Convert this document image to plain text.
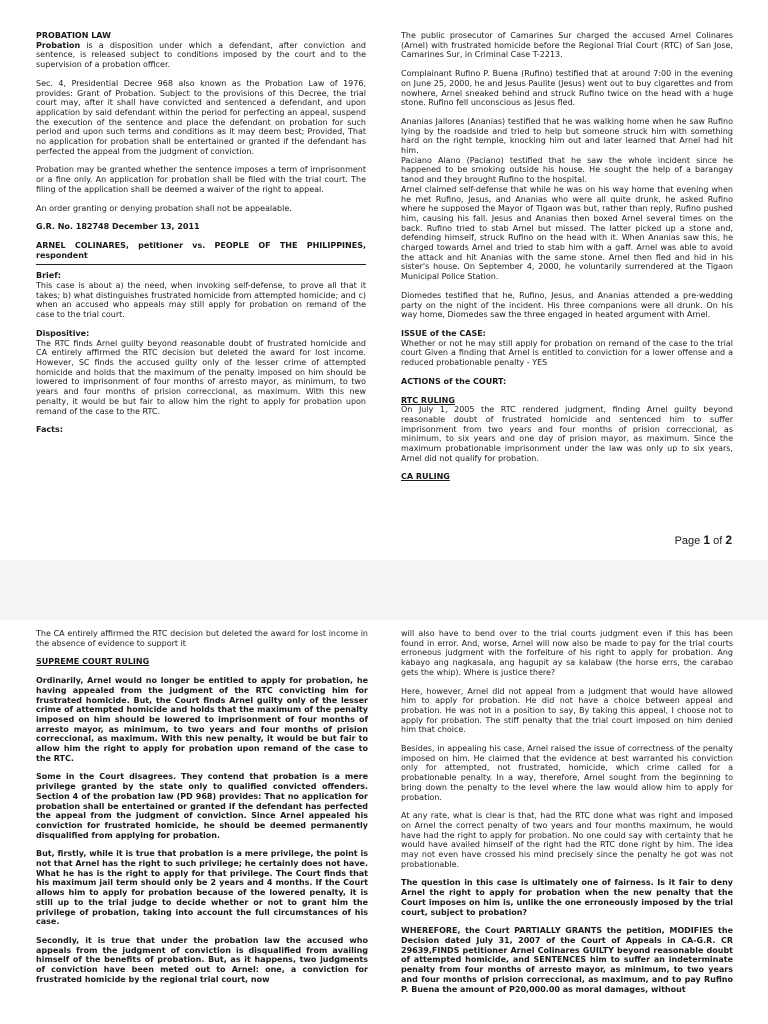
PROBATION LAW

Probation is a disposition under which a defendant, after conviction and sentence, is released subject to conditions imposed by the court and to the supervision of a probation officer.

Sec. 4, Presidential Decree 968 also known as the Probation Law of 1976, provides: Grant of Probation. Subject to the provisions of this Decree, the trial court may, after it shall have convicted and sentenced a defendant, and upon application by said defendant within the period for perfecting an appeal, suspend the execution of the sentence and place the defendant on probation for such period and upon such terms and conditions as it may deem best; Provided, That no application for probation shall be entertained or granted if the defendant has perfected the appeal from the judgment of conviction.

Probation may be granted whether the sentence imposes a term of imprisonment or a fine only. An application for probation shall be filed with the trial court. The filing of the application shall be deemed a waiver of the right to appeal.

An order granting or denying probation shall not be appealable.

G.R. No. 182748 December 13, 2011

ARNEL COLINARES, petitioner vs. PEOPLE OF THE PHILIPPINES, respondent

Brief:

This case is about a) the need, when invoking self-defense, to prove all that it takes; b) what distinguishes frustrated homicide from attempted homicide; and c) when an accused who appeals may still apply for probation on remand of the case to the trial court.

Dispositive:

The RTC finds Arnel guilty beyond reasonable doubt of frustrated homicide and CA entirely affirmed the RTC decision but deleted the award for lost income. However, SC finds the accused guilty only of the lesser crime of attempted homicide and holds that the maximum of the penalty imposed on him should be lowered to imprisonment of four months of arresto mayor, as minimum, to two years and four months of prision correccional, as maximum. With this new penalty, it would be but fair to allow him the right to apply for probation upon remand of the case to the RTC.

Facts:

The public prosecutor of Camarines Sur charged the accused Arnel Colinares (Arnel) with frustrated homicide before the Regional Trial Court (RTC) of San Jose, Camarines Sur, in Criminal Case T-2213.

Complainant Rufino P. Buena (Rufino) testified that at around 7:00 in the evening on June 25, 2000, he and Jesus Paulite (Jesus) went out to buy cigarettes and from nowhere, Arnel sneaked behind and struck Rufino twice on the head with a huge stone. Rufino fell unconscious as Jesus fled.

Ananias Jallores (Ananias) testified that he was walking home when he saw Rufino lying by the roadside and tried to help but someone struck him with something hard on the right temple, knocking him out and later learned that Arnel had hit him.

Paciano Alano (Paciano) testified that he saw the whole incident since he happened to be smoking outside his house. He sought the help of a barangay tanod and they brought Rufino to the hospital.

Arnel claimed self-defense that while he was on his way home that evening when he met Rufino, Jesus, and Ananias who were all quite drunk, he asked Rufino where he supposed the Mayor of Tigaon was but, rather than reply, Rufino pushed him, causing his fall. Jesus and Ananias then boxed Arnel several times on the back. Rufino tried to stab Arnel but missed. The latter picked up a stone and, defending himself, struck Rufino on the head with it. When Ananias saw this, he charged towards Arnel and tried to stab him with a gaff. Arnel was able to avoid the attack and hit Ananias with the same stone. Arnel then fled and hid in his sister's house. On September 4, 2000, he voluntarily surrendered at the Tigaon Municipal Police Station.

Diomedes testified that he, Rufino, Jesus, and Ananias attended a pre-wedding party on the night of the incident. His three companions were all drunk. On his way home, Diomedes saw the three engaged in heated argument with Arnel.

ISSUE of the CASE:

Whether or not he may still apply for probation on remand of the case to the trial court Given a finding that Arnel is entitled to conviction for a lower offense and a reduced probationable penalty - YES

ACTIONS of the COURT:

RTC RULING

On July 1, 2005 the RTC rendered judgment, finding Arnel guilty beyond reasonable doubt of frustrated homicide and sentenced him to suffer imprisonment from two years and four months of prision correccional, as minimum, to six years and one day of prision mayor, as maximum. Since the maximum probationable imprisonment under the law was only up to six years, Arnel did not qualify for probation.

CA RULING

Page 1 of 2

The CA entirely affirmed the RTC decision but deleted the award for lost income in the absence of evidence to support it

SUPREME COURT RULING

Ordinarily, Arnel would no longer be entitled to apply for probation, he having appealed from the judgment of the RTC convicting him for frustrated homicide. But, the Court finds Arnel guilty only of the lesser crime of attempted homicide and holds that the maximum of the penalty imposed on him should be lowered to imprisonment of four months of arresto mayor, as minimum, to two years and four months of prision correccional, as maximum. With this new penalty, it would be but fair to allow him the right to apply for probation upon remand of the case to the RTC.

Some in the Court disagrees. They contend that probation is a mere privilege granted by the state only to qualified convicted offenders. Section 4 of the probation law (PD 968) provides: That no application for probation shall be entertained or granted if the defendant has perfected the appeal from the judgment of conviction. Since Arnel appealed his conviction for frustrated homicide, he should be deemed permanently disqualified from applying for probation.

But, firstly, while it is true that probation is a mere privilege, the point is not that Arnel has the right to such privilege; he certainly does not have. What he has is the right to apply for that privilege. The Court finds that his maximum jail term should only be 2 years and 4 months. If the Court allows him to apply for probation because of the lowered penalty, it is still up to the trial judge to decide whether or not to grant him the privilege of probation, taking into account the full circumstances of his case.

Secondly, it is true that under the probation law the accused who appeals from the judgment of conviction is disqualified from availing himself of the benefits of probation. But, as it happens, two judgments of conviction have been meted out to Arnel: one, a conviction for frustrated homicide by the regional trial court, now

will also have to bend over to the trial courts judgment even if this has been found in error. And, worse, Arnel will now also be made to pay for the trial courts erroneous judgment with the forfeiture of his right to apply for probation. Ang kabayo ang nagkasala, ang hagupit ay sa kalabaw (the horse errs, the carabao gets the whip). Where is justice there?

Here, however, Arnel did not appeal from a judgment that would have allowed him to apply for probation. He did not have a choice between appeal and probation. He was not in a position to say, By taking this appeal, I choose not to apply for probation. The stiff penalty that the trial court imposed on him denied him that choice.

Besides, in appealing his case, Arnel raised the issue of correctness of the penalty imposed on him. He claimed that the evidence at best warranted his conviction only for attempted, not frustrated, homicide, which crime called for a probationable penalty. In a way, therefore, Arnel sought from the beginning to bring down the penalty to the level where the law would allow him to apply for probation.

At any rate, what is clear is that, had the RTC done what was right and imposed on Arnel the correct penalty of two years and four months maximum, he would have had the right to apply for probation. No one could say with certainty that he would have availed himself of the right had the RTC done right by him. The idea may not even have crossed his mind precisely since the penalty he got was not probationable.

The question in this case is ultimately one of fairness. Is it fair to deny Arnel the right to apply for probation when the new penalty that the Court imposes on him is, unlike the one erroneously imposed by the trial court, subject to probation?

WHEREFORE, the Court PARTIALLY GRANTS the petition, MODIFIES the Decision dated July 31, 2007 of the Court of Appeals in CA-G.R. CR 29639,FINDS petitioner Arnel Colinares GUILTY beyond reasonable doubt of attempted homicide, and SENTENCES him to suffer an indeterminate penalty from four months of arresto mayor, as minimum, to two years and four months of prision correccional, as maximum, and to pay Rufino P. Buena the amount of P20,000.00 as moral damages, without
